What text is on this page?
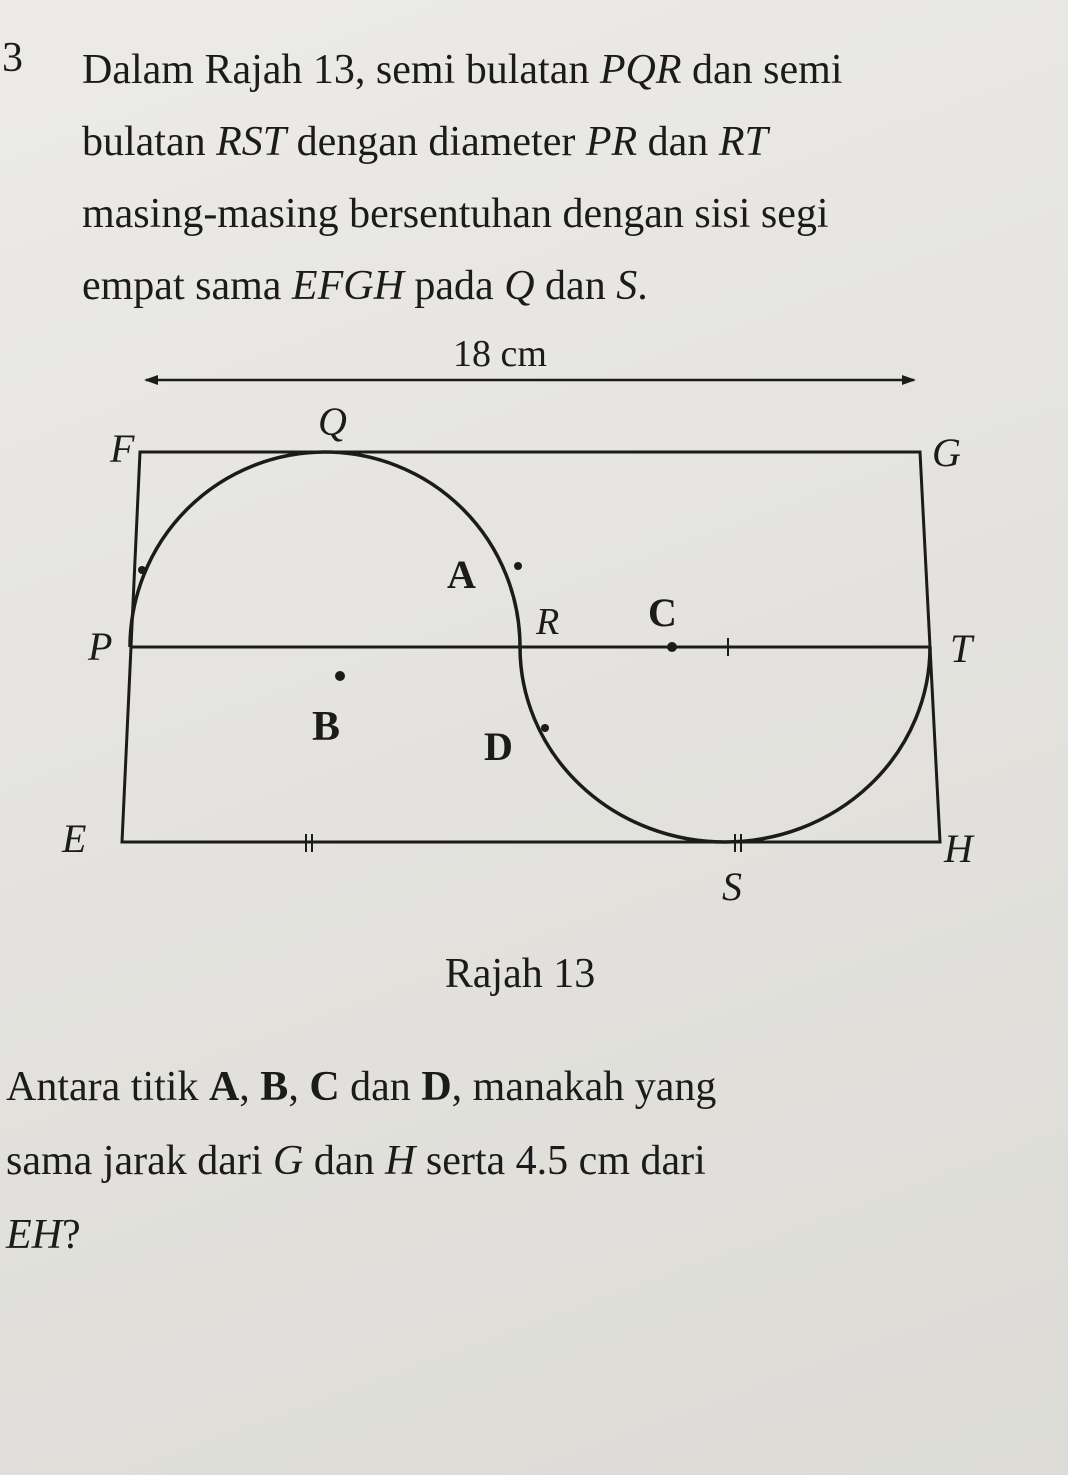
3 Dalam Rajah 13, semi bulatan PQR dan semi
bulatan RST dengan diameter PR dan RT
masing-masing bersentuhan dengan sisi segi
empat sama EFGH pada Q dan S.
18 cm
F
Q
G
A
R C
P	T
B	D
E	H
S
Rajah 13
Antara titik A, B, C dan D, manakah yang
sama jarak dari G dan H serta 4.5 cm dari
EH?
